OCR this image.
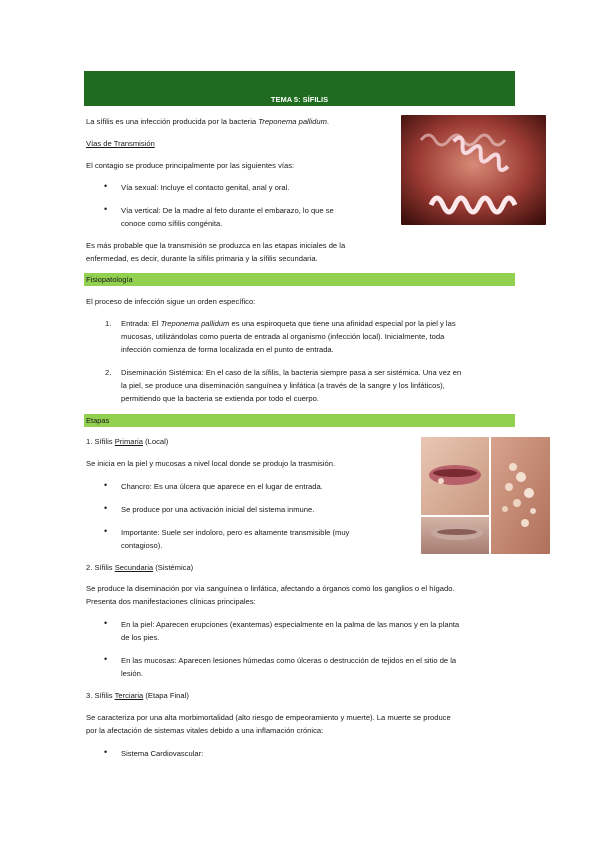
TEMA 5: SÍFILIS
La sífilis es una infección producida por la bacteria Treponema pallidum.
Vías de Transmisión
El contagio se produce principalmente por las siguientes vías:
• Vía sexual: Incluye el contacto genital, anal y oral.
• Vía vertical: De la madre al feto durante el embarazo, lo que se
conoce como sífilis congénita.
Es más probable que la transmisión se produzca en las etapas iniciales de la
enfermedad, es decir, durante la sífilis primaria y la sífilis secundaria.
Fisiopatología
El proceso de infección sigue un orden específico:
1. Entrada: El Treponema pallidum es una espiroqueta que tiene una afinidad especial por la piel y las
mucosas, utilizándolas como puerta de entrada al organismo (infección local). Inicialmente, toda
infección comienza de forma localizada en el punto de entrada.
2. Diseminación Sistémica: En el caso de la sífilis, la bacteria siempre pasa a ser sistémica. Una vez en
la piel, se produce una diseminación sanguínea y linfática (a través de la sangre y los linfáticos),
permitiendo que la bacteria se extienda por todo el cuerpo.
Etapas
1. Sífilis Primaria (Local)
Se inicia en la piel y mucosas a nivel local donde se produjo la trasmisión.
• Chancro: Es una úlcera que aparece en el lugar de entrada.
• Se produce por una activación inicial del sistema inmune.
• Importante: Suele ser indoloro, pero es altamente transmisible (muy
contagioso).
2. Sífilis Secundaria (Sistémica)
Se produce la diseminación por vía sanguínea o linfática, afectando a órganos como los ganglios o el hígado.
Presenta dos manifestaciones clínicas principales:
• En la piel: Aparecen erupciones (exantemas) especialmente en la palma de las manos y en la planta
de los pies.
• En las mucosas: Aparecen lesiones húmedas como úlceras o destrucción de tejidos en el sitio de la
lesión.
3. Sífilis Terciaria (Etapa Final)
Se caracteriza por una alta morbimortalidad (alto riesgo de empeoramiento y muerte). La muerte se produce
por la afectación de sistemas vitales debido a una inflamación crónica:
• Sistema Cardiovascular:
